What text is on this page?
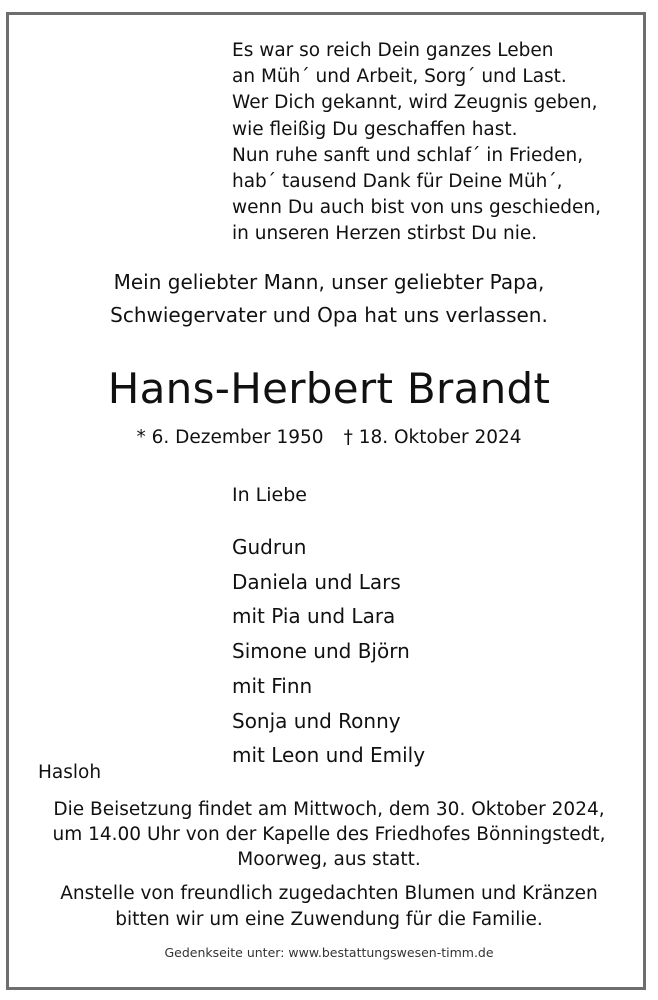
Es war so reich Dein ganzes Leben
an Müh´ und Arbeit, Sorg´ und Last.
Wer Dich gekannt, wird Zeugnis geben,
wie fleißig Du geschaffen hast.
Nun ruhe sanft und schlaf´ in Frieden,
hab´ tausend Dank für Deine Müh´,
wenn Du auch bist von uns geschieden,
in unseren Herzen stirbst Du nie.
Mein geliebter Mann, unser geliebter Papa,
Schwiegervater und Opa hat uns verlassen.
Hans-Herbert Brandt
* 6. Dezember 1950 † 18. Oktober 2024
In Liebe
Gudrun
Daniela und Lars
mit Pia und Lara
Simone und Björn
mit Finn
Sonja und Ronny
mit Leon und Emily
Hasloh
Die Beisetzung findet am Mittwoch, dem 30. Oktober 2024,
um 14.00 Uhr von der Kapelle des Friedhofes Bönningstedt,
Moorweg, aus statt.
Anstelle von freundlich zugedachten Blumen und Kränzen
bitten wir um eine Zuwendung für die Familie.
Gedenkseite unter: www.bestattungswesen-timm.de
